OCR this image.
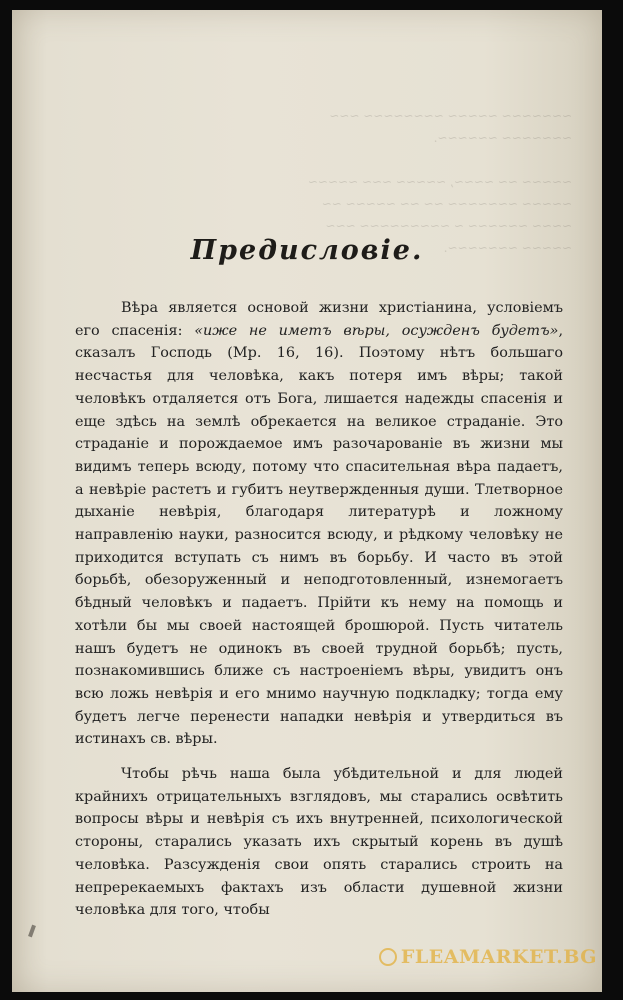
~~~~~~~ ~~~~~ ~~~~~~~~ ~~~
~~~~~~~ ~~~~~~.

~~~~~ ~~ ~~~~, ~~~~~ ~~~ ~~~~~
~~~~~ ~~~~~~~ ~~ ~~ ~~~~~ ~~
~~~~ ~~~~~~ ~ ~~~~~~~~~ ~~~
~~~~~ ~~~~~~~.
Предисловіе.

Вѣра является основой жизни христіанина, условіемъ его спасенія: «иже не иметъ вѣры, осужденъ будетъ», сказалъ Господь (Мр. 16, 16). Поэтому нѣтъ большаго несчастья для человѣка, какъ потеря имъ вѣры; такой человѣкъ отдаляется отъ Бога, лишается надежды спасенія и еще здѣсь на землѣ обрекается на великое страданіе. Это страданіе и порождаемое имъ разочарованіе въ жизни мы видимъ теперь всюду, потому что спасительная вѣра падаетъ, а невѣріе растетъ и губитъ неутвержденныя души. Тлетворное дыханіе невѣрія, благодаря литературѣ и ложному направленію науки, разносится всюду, и рѣдкому человѣку не приходится вступать съ нимъ въ борьбу. И часто въ этой борьбѣ, обезоруженный и неподготовленный, изнемогаетъ бѣдный человѣкъ и падаетъ. Прійти къ нему на помощь и хотѣли бы мы своей настоящей брошюрой. Пусть читатель нашъ будетъ не одинокъ въ своей трудной борьбѣ; пусть, познакомившись ближе съ настроеніемъ вѣры, увидитъ онъ всю ложь невѣрія и его мнимо научную подкладку; тогда ему будетъ легче перенести нападки невѣрія и утвердиться въ истинахъ св. вѣры.

Чтобы рѣчь наша была убѣдительной и для людей крайнихъ отрицательныхъ взглядовъ, мы старались освѣтить вопросы вѣры и невѣрія съ ихъ внутренней, психологической стороны, старались указать ихъ скрытый корень въ душѣ человѣка. Разсужденія свои опять старались строить на непререкаемыхъ фактахъ изъ области душевной жизни человѣка для того, чтобы

FLEAMARKET.BG
